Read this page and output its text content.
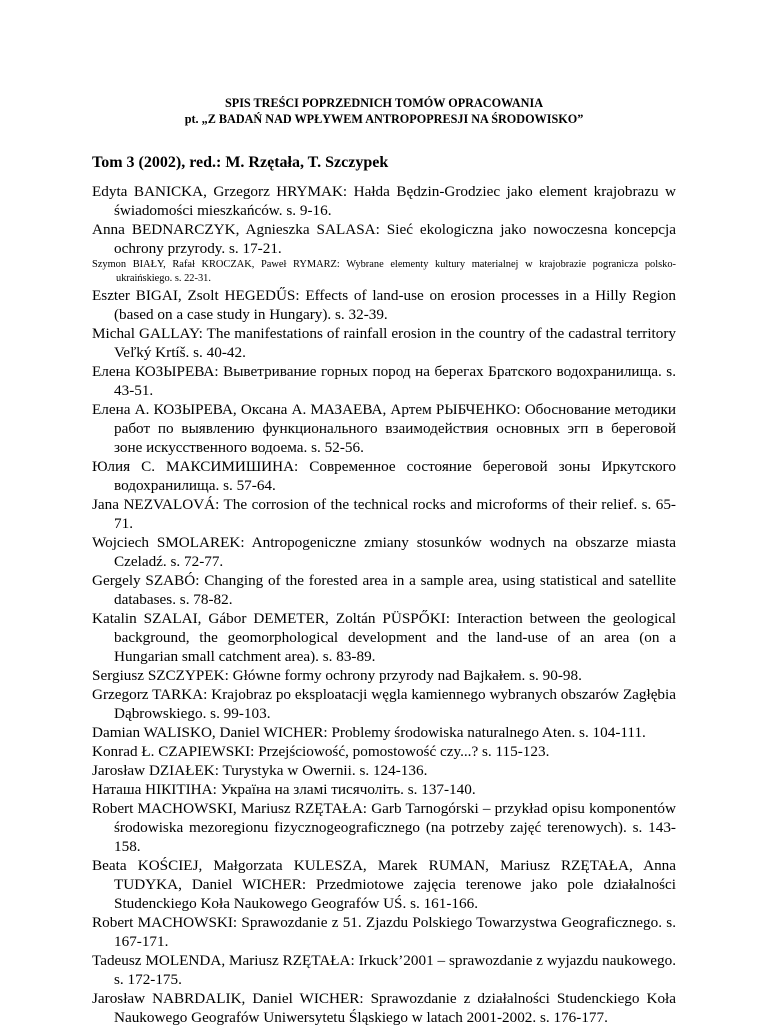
SPIS TREŚCI POPRZEDNICH TOMÓW OPRACOWANIA

pt. „Z BADAŃ NAD WPŁYWEM ANTROPOPRESJI NA ŚRODOWISKO”

Tom 3 (2002), red.: M. Rzętała, T. Szczypek

Edyta BANICKA, Grzegorz HRYMAK: Hałda Będzin-Grodziec jako element krajobrazu w świadomości mieszkańców. s. 9-16.

Anna BEDNARCZYK, Agnieszka SALASA: Sieć ekologiczna jako nowoczesna koncepcja ochrony przyrody. s. 17-21.

Szymon BIAŁY, Rafał KROCZAK, Paweł RYMARZ: Wybrane elementy kultury materialnej w krajobrazie pogranicza polsko-ukraińskiego. s. 22-31.

Eszter BIGAI, Zsolt HEGEDŰS: Effects of land-use on erosion processes in a Hilly Region (based on a case study in Hungary). s. 32-39.

Michal GALLAY: The manifestations of rainfall erosion in the country of the cadastral territory Veľký Krtíš. s. 40-42.

Елена КОЗЫРЕВА: Выветривание горных пород на берегах Братского водохранилища. s. 43-51.

Елена А. КОЗЫРЕВА, Оксана А. МАЗАЕВА, Артем РЫБЧЕНКО: Обоснование методики работ по выявлению функционального взаимодействия основных эгп в береговой зоне искусственного водоема. s. 52-56.

Юлия С. МАКСИМИШИНА: Современное состояние береговой зоны Иркутского водохранилища. s. 57-64.

Jana NEZVALOVÁ: The corrosion of the technical rocks and microforms of their relief. s. 65-71.

Wojciech SMOLAREK: Antropogeniczne zmiany stosunków wodnych na obszarze miasta Czeladź. s. 72-77.

Gergely SZABÓ: Changing of the forested area in a sample area, using statistical and satellite databases. s. 78-82.

Katalin SZALAI, Gábor DEMETER, Zoltán PÜSPŐKI: Interaction between the geological background, the geomorphological development and the land-use of an area (on a Hungarian small catchment area). s. 83-89.

Sergiusz SZCZYPEK: Główne formy ochrony przyrody nad Bajkałem. s. 90-98.

Grzegorz TARKA: Krajobraz po eksploatacji węgla kamiennego wybranych obszarów Zagłębia Dąbrowskiego. s. 99-103.

Damian WALISKO, Daniel WICHER: Problemy środowiska naturalnego Aten. s. 104-111.

Konrad Ł. CZAPIEWSKI: Przejściowość, pomostowość czy...? s. 115-123.

Jarosław DZIAŁEK: Turystyka w Owernii. s. 124-136.

Наташа НІКІТІНА: Україна на зламі тисячоліть. s. 137-140.

Robert MACHOWSKI, Mariusz RZĘTAŁA: Garb Tarnogórski – przykład opisu komponentów środowiska mezoregionu fizycznogeograficznego (na potrzeby zajęć terenowych). s. 143-158.

Beata KOŚCIEJ, Małgorzata KULESZA, Marek RUMAN, Mariusz RZĘTAŁA, Anna TUDYKA, Daniel WICHER: Przedmiotowe zajęcia terenowe jako pole działalności Studenckiego Koła Naukowego Geografów UŚ. s. 161-166.

Robert MACHOWSKI: Sprawozdanie z 51. Zjazdu Polskiego Towarzystwa Geograficznego. s. 167-171.

Tadeusz MOLENDA, Mariusz RZĘTAŁA: Irkuck’2001 – sprawozdanie z wyjazdu naukowego. s. 172-175.

Jarosław NABRDALIK, Daniel WICHER: Sprawozdanie z działalności Studenckiego Koła Naukowego Geografów Uniwersytetu Śląskiego w latach 2001-2002. s. 176-177.
